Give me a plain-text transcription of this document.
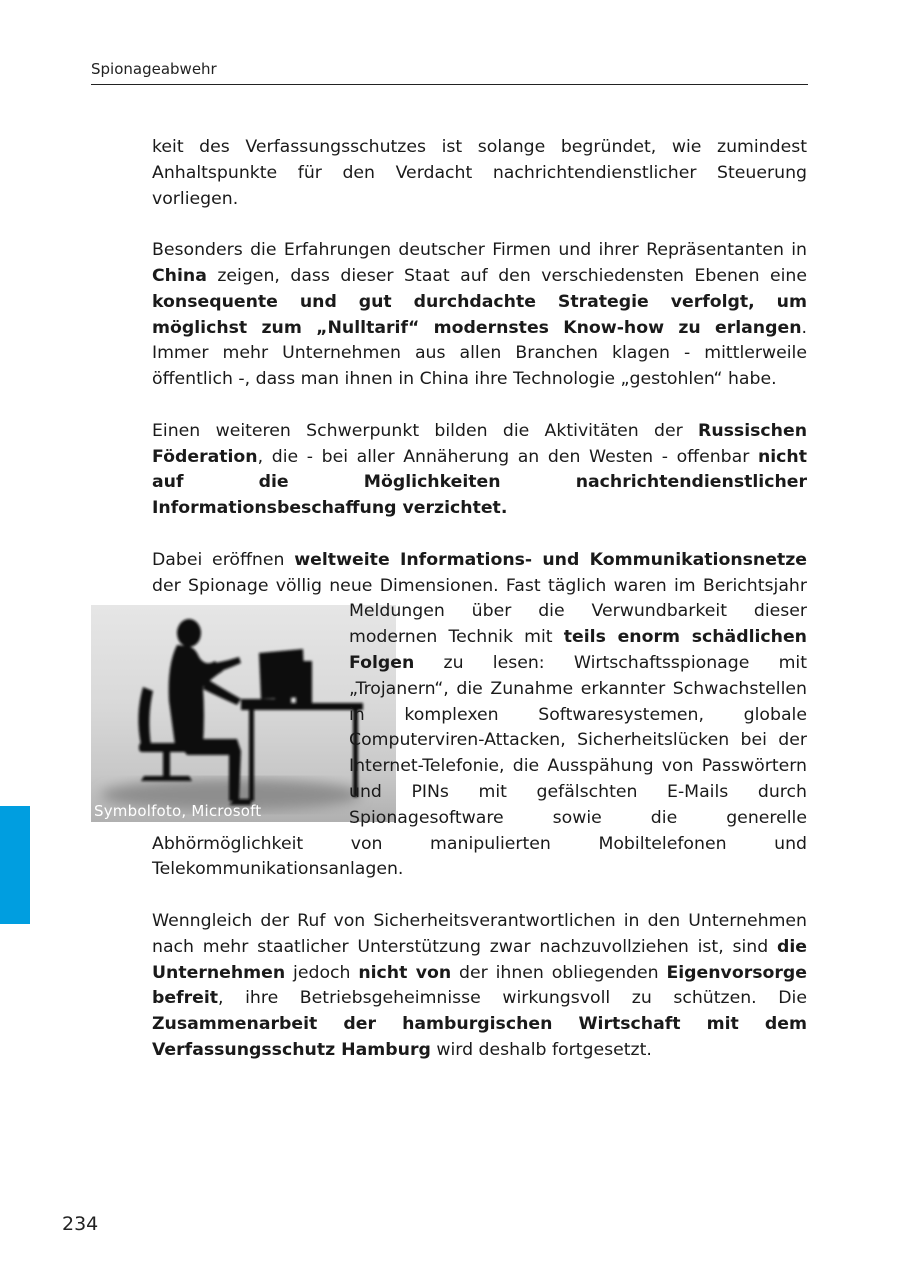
Spionageabwehr
Symbolfoto, Microsoft

keit des Verfassungsschutzes ist solange begründet, wie zumindest Anhaltspunkte für den Verdacht nachrichtendienstlicher Steuerung vorliegen.

Besonders die Erfahrungen deutscher Firmen und ihrer Repräsentanten in China zeigen, dass dieser Staat auf den verschiedensten Ebenen eine konsequente und gut durchdachte Strategie verfolgt, um möglichst zum „Nulltarif“ modernstes Know-how zu erlangen. Immer mehr Unternehmen aus allen Branchen klagen - mittlerweile öffentlich -, dass man ihnen in China ihre Technologie „gestohlen“ habe.

Einen weiteren Schwerpunkt bilden die Aktivitäten der Russischen Föderation, die - bei aller Annäherung an den Westen - offenbar nicht auf die Möglichkeiten nachrichtendienstlicher Informationsbeschaffung verzichtet.

Dabei eröffnen weltweite Informations- und Kommunikationsnetze der Spionage völlig neue Dimensionen. Fast täglich waren im Berichtsjahr Meldungen über die Verwundbarkeit dieser modernen Technik mit teils enorm schädlichen Folgen zu lesen: Wirtschaftsspionage mit „Trojanern“, die Zunahme erkannter Schwachstellen in komplexen Softwaresystemen, globale Computerviren-Attacken, Sicherheitslücken bei der Internet-Telefonie, die Ausspähung von Passwörtern und PINs mit gefälschten E-Mails durch Spionagesoftware sowie die generelle Abhörmöglichkeit von manipulierten Mobiltelefonen und Telekommunikationsanlagen.

Wenngleich der Ruf von Sicherheitsverantwortlichen in den Unternehmen nach mehr staatlicher Unterstützung zwar nachzuvollziehen ist, sind die Unternehmen jedoch nicht von der ihnen obliegenden Eigenvorsorge befreit, ihre Betriebsgeheimnisse wirkungsvoll zu schützen. Die Zusammenarbeit der hamburgischen Wirtschaft mit dem Verfassungsschutz Hamburg wird deshalb fortgesetzt.

234
